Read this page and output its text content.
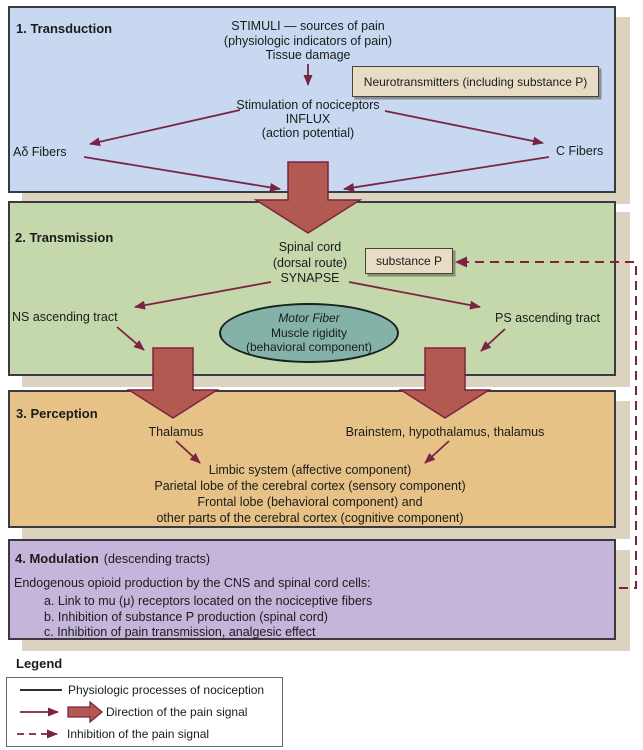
1. Transduction	STIMULI — sources of pain
(physiologic indicators of pain)
Tissue damage
Neurotransmitters (including substance P)
Stimulation of nociceptors
INFLUX
(action potential)
Aδ Fibers	C Fibers
2. Transmission
Spinal cord
(dorsal route)
SYNAPSE
substance P
NS ascending tract	PS ascending tract
Motor Fiber
Muscle rigidity
(behavioral component)
3. Perception
Thalamus	Brainstem, hypothalamus, thalamus
Limbic system (affective component)
Parietal lobe of the cerebral cortex (sensory component)
Frontal lobe (behavioral component) and
other parts of the cerebral cortex (cognitive component)
4. Modulation (descending tracts)
Endogenous opioid production by the CNS and spinal cord cells:
a. Link to mu (μ) receptors located on the nociceptive fibers
b. Inhibition of substance P production (spinal cord)
c. Inhibition of pain transmission, analgesic effect
Legend
Physiologic processes of nociception
Direction of the pain signal
Inhibition of the pain signal
